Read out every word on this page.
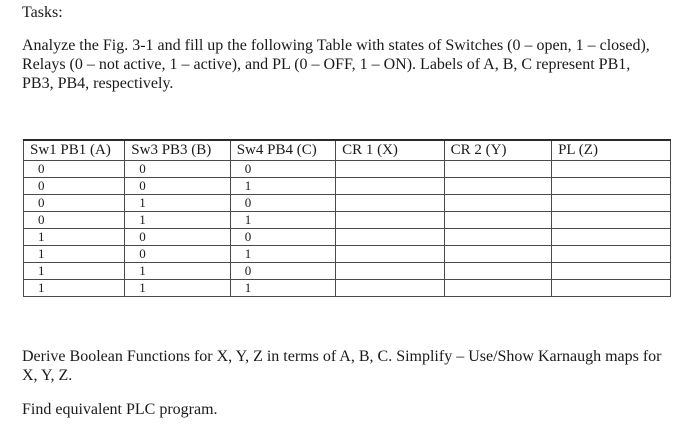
Tasks:
Analyze the Fig. 3-1 and fill up the following Table with states of Switches (0 – open, 1 – closed), Relays (0 – not active, 1 – active), and PL (0 – OFF, 1 – ON). Labels of A, B, C represent PB1, PB3, PB4, respectively.
Sw1 PB1 (A)	Sw3 PB3 (B)	Sw4 PB4 (C)	CR 1 (X)	CR 2 (Y)	PL (Z)
0	0	0			
0	0	1			
0	1	0			
0	1	1			
1	0	0			
1	0	1			
1	1	0			
1	1	1			
Derive Boolean Functions for X, Y, Z in terms of A, B, C. Simplify – Use/Show Karnaugh maps for X, Y, Z.
Find equivalent PLC program.
